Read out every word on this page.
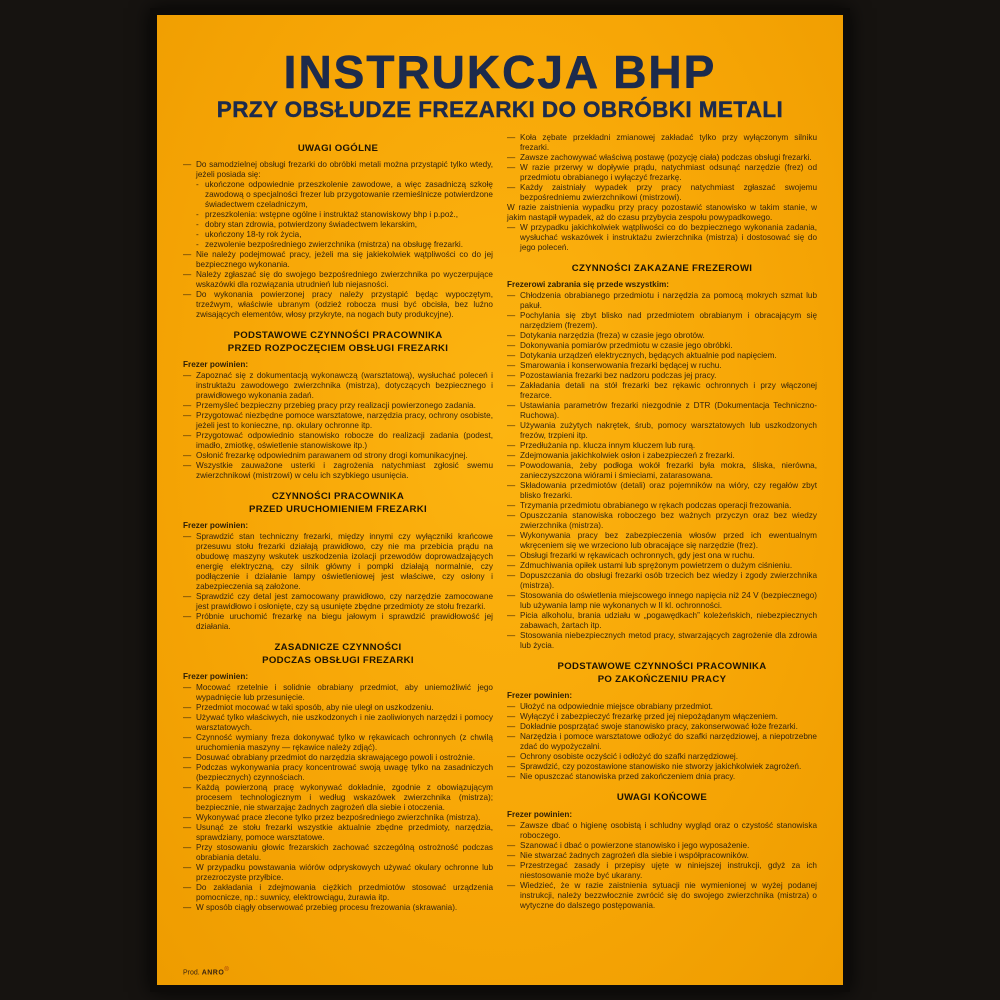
INSTRUKCJA BHP
PRZY OBSŁUDZE FREZARKI DO OBRÓBKI METALI
UWAGI OGÓLNE
— Do samodzielnej obsługi frezarki do obróbki metali można przystąpić tylko wtedy, jeżeli posiada się:
- ukończone odpowiednie przeszkolenie zawodowe, a więc zasadniczą szkołę zawodową o specjalności frezer lub przygotowanie rzemieślnicze potwierdzone świadectwem czeladniczym,
- przeszkolenia: wstępne ogólne i instruktaż stanowiskowy bhp i p.poż.,
- dobry stan zdrowia, potwierdzony świadectwem lekarskim,
- ukończony 18-ty rok życia,
- zezwolenie bezpośredniego zwierzchnika (mistrza) na obsługę frezarki.
— Nie należy podejmować pracy, jeżeli ma się jakiekolwiek wątpliwości co do jej bezpiecznego wykonania.
— Należy zgłaszać się do swojego bezpośredniego zwierzchnika po wyczerpujące wskazówki dla rozwiązania utrudnień lub niejasności.
— Do wykonania powierzonej pracy należy przystąpić będąc wypoczętym, trzeźwym, właściwie ubranym (odzież robocza musi być obcisła, bez luźno zwisających elementów, włosy przykryte, na nogach buty produkcyjne).
PODSTAWOWE CZYNNOŚCI PRACOWNIKA
PRZED ROZPOCZĘCIEM OBSŁUGI FREZARKI

Frezer powinien:

— Zapoznać się z dokumentacją wykonawczą (warsztatową), wysłuchać poleceń i instruktażu zawodowego zwierzchnika (mistrza), dotyczących bezpiecznego i prawidłowego wykonania zadań.
— Przemyśleć bezpieczny przebieg pracy przy realizacji powierzonego zadania.
— Przygotować niezbędne pomoce warsztatowe, narzędzia pracy, ochrony osobiste, jeżeli jest to konieczne, np. okulary ochronne itp.
— Przygotować odpowiednio stanowisko robocze do realizacji zadania (podest, imadło, zmiotkę, oświetlenie stanowiskowe itp.)
— Osłonić frezarkę odpowiednim parawanem od strony drogi komunikacyjnej.
— Wszystkie zauważone usterki i zagrożenia natychmiast zgłosić swemu zwierzchnikowi (mistrzowi) w celu ich szybkiego usunięcia.
CZYNNOŚCI PRACOWNIKA
PRZED URUCHOMIENIEM FREZARKI

Frezer powinien:

— Sprawdzić stan techniczny frezarki, między innymi czy wyłączniki krańcowe przesuwu stołu frezarki działają prawidłowo, czy nie ma przebicia prądu na obudowę maszyny wskutek uszkodzenia izolacji przewodów doprowadzających energię elektryczną, czy silnik główny i pompki działają normalnie, czy podłączenie i działanie lampy oświetleniowej jest właściwe, czy osłony i zabezpieczenia są założone.
— Sprawdzić czy detal jest zamocowany prawidłowo, czy narzędzie zamocowane jest prawidłowo i osłonięte, czy są usunięte zbędne przedmioty ze stołu frezarki.
— Próbnie uruchomić frezarkę na biegu jałowym i sprawdzić prawidłowość jej działania.
ZASADNICZE CZYNNOŚCI
PODCZAS OBSŁUGI FREZARKI

Frezer powinien:

— Mocować rzetelnie i solidnie obrabiany przedmiot, aby uniemożliwić jego wypadnięcie lub przesunięcie.
— Przedmiot mocować w taki sposób, aby nie uległ on uszkodzeniu.
— Używać tylko właściwych, nie uszkodzonych i nie zaoliwionych narzędzi i pomocy warsztatowych.
— Czynność wymiany freza dokonywać tylko w rękawicach ochronnych (z chwilą uruchomienia maszyny — rękawice należy zdjąć).
— Dosuwać obrabiany przedmiot do narzędzia skrawającego powoli i ostrożnie.
— Podczas wykonywania pracy koncentrować swoją uwagę tylko na zasadniczych (bezpiecznych) czynnościach.
— Każdą powierzoną pracę wykonywać dokładnie, zgodnie z obowiązującym procesem technologicznym i według wskazówek zwierzchnika (mistrza); bezpiecznie, nie stwarzając żadnych zagrożeń dla siebie i otoczenia.
— Wykonywać prace zlecone tylko przez bezpośredniego zwierzchnika (mistrza).
— Usunąć ze stołu frezarki wszystkie aktualnie zbędne przedmioty, narzędzia, sprawdziany, pomoce warsztatowe.
— Przy stosowaniu głowic frezarskich zachować szczególną ostrożność podczas obrabiania detalu.
— W przypadku powstawania wiórów odpryskowych używać okulary ochronne lub przezroczyste przyłbice.
— Do zakładania i zdejmowania ciężkich przedmiotów stosować urządzenia pomocnicze, np.: suwnicy, elektrowciągu, żurawia itp.
— W sposób ciągły obserwować przebieg procesu frezowania (skrawania).
— Koła zębate przekładni zmianowej zakładać tylko przy wyłączonym silniku frezarki.
— Zawsze zachowywać właściwą postawę (pozycję ciała) podczas obsługi frezarki.
— W razie przerwy w dopływie prądu, natychmiast odsunąć narzędzie (frez) od przedmiotu obrabianego i wyłączyć frezarkę.
— Każdy zaistniały wypadek przy pracy natychmiast zgłaszać swojemu bezpośredniemu zwierzchnikowi (mistrzowi).
W razie zaistnienia wypadku przy pracy pozostawić stanowisko w takim stanie, w jakim nastąpił wypadek, aż do czasu przybycia zespołu powypadkowego.
— W przypadku jakichkolwiek wątpliwości co do bezpiecznego wykonania zadania, wysłuchać wskazówek i instruktażu zwierzchnika (mistrza) i dostosować się do jego poleceń.
CZYNNOŚCI ZAKAZANE FREZEROWI

Frezerowi zabrania się przede wszystkim:

— Chłodzenia obrabianego przedmiotu i narzędzia za pomocą mokrych szmat lub pakuł.
— Pochylania się zbyt blisko nad przedmiotem obrabianym i obracającym się narzędziem (frezem).
— Dotykania narzędzia (freza) w czasie jego obrotów.
— Dokonywania pomiarów przedmiotu w czasie jego obróbki.
— Dotykania urządzeń elektrycznych, będących aktualnie pod napięciem.
— Smarowania i konserwowania frezarki będącej w ruchu.
— Pozostawiania frezarki bez nadzoru podczas jej pracy.
— Zakładania detali na stół frezarki bez rękawic ochronnych i przy włączonej frezarce.
— Ustawiania parametrów frezarki niezgodnie z DTR (Dokumentacja Techniczno-Ruchowa).
— Używania zużytych nakrętek, śrub, pomocy warsztatowych lub uszkodzonych frezów, trzpieni itp.
— Przedłużania np. klucza innym kluczem lub rurą.
— Zdejmowania jakichkolwiek osłon i zabezpieczeń z frezarki.
— Powodowania, żeby podłoga wokół frezarki była mokra, śliska, nierówna, zanieczyszczona wiórami i śmieciami, zatarasowana.
— Składowania przedmiotów (detali) oraz pojemników na wióry, czy regałów zbyt blisko frezarki.
— Trzymania przedmiotu obrabianego w rękach podczas operacji frezowania.
— Opuszczania stanowiska roboczego bez ważnych przyczyn oraz bez wiedzy zwierzchnika (mistrza).
— Wykonywania pracy bez zabezpieczenia włosów przed ich ewentualnym wkręceniem się we wrzeciono lub obracające się narzędzie (frez).
— Obsługi frezarki w rękawicach ochronnych, gdy jest ona w ruchu.
— Zdmuchiwania opiłek ustami lub sprężonym powietrzem o dużym ciśnieniu.
— Dopuszczania do obsługi frezarki osób trzecich bez wiedzy i zgody zwierzchnika (mistrza).
— Stosowania do oświetlenia miejscowego innego napięcia niż 24 V (bezpiecznego) lub używania lamp nie wykonanych w II kl. ochronności.
— Picia alkoholu, brania udziału w „pogawędkach” koleżeńskich, niebezpiecznych zabawach, żartach itp.
— Stosowania niebezpiecznych metod pracy, stwarzających zagrożenie dla zdrowia lub życia.
PODSTAWOWE CZYNNOŚCI PRACOWNIKA
PO ZAKOŃCZENIU PRACY

Frezer powinien:

— Ułożyć na odpowiednie miejsce obrabiany przedmiot.
— Wyłączyć i zabezpieczyć frezarkę przed jej niepożądanym włączeniem.
— Dokładnie posprzątać swoje stanowisko pracy, zakonserwować łoże frezarki.
— Narzędzia i pomoce warsztatowe odłożyć do szafki narzędziowej, a niepotrzebne zdać do wypożyczalni.
— Ochrony osobiste oczyścić i odłożyć do szafki narzędziowej.
— Sprawdzić, czy pozostawione stanowisko nie stworzy jakichkolwiek zagrożeń.
— Nie opuszczać stanowiska przed zakończeniem dnia pracy.
UWAGI KOŃCOWE

Frezer powinien:

— Zawsze dbać o higienę osobistą i schludny wygląd oraz o czystość stanowiska roboczego.
— Szanować i dbać o powierzone stanowisko i jego wyposażenie.
— Nie stwarzać żadnych zagrożeń dla siebie i współpracowników.
— Przestrzegać zasady i przepisy ujęte w niniejszej instrukcji, gdyż za ich niestosowanie może być ukarany.
— Wiedzieć, że w razie zaistnienia sytuacji nie wymienionej w wyżej podanej instrukcji, należy bezzwłocznie zwrócić się do swojego zwierzchnika (mistrza) o wytyczne do dalszego postępowania.
Prod. ANRO®
